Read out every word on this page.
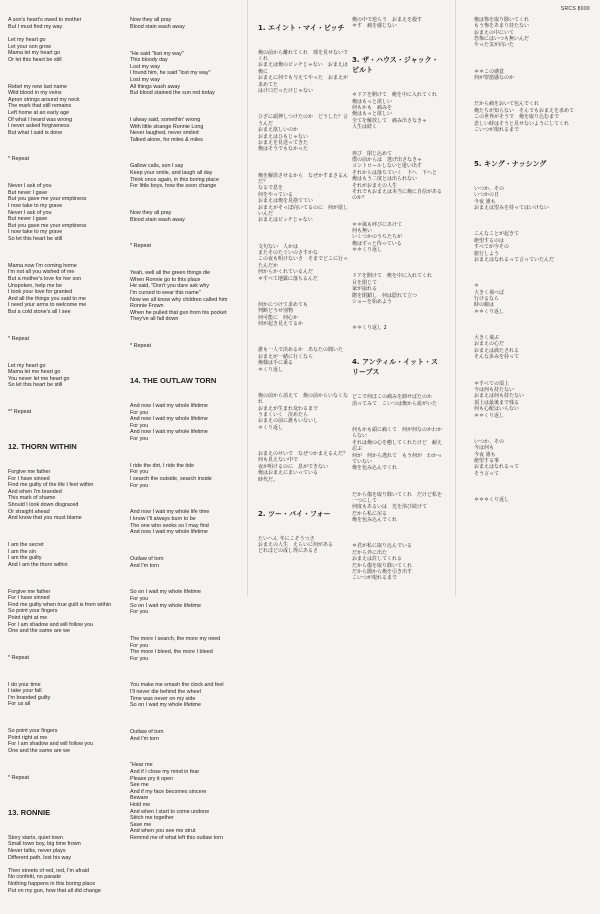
SRCS 8000

A son's heart's owed to mother
But I must find my way

Let my heart go
Let your son grow
Mama let my heart go
Or let this heart be still

Rebel my new last name
Wild blood in my veins
Apron strings around my neck
The mark that still remains
Left home at an early age
Of what I heard was wrong
I never asked forgiveness
But what I said is done

* Repeat

Never I ask of you
But never I gave
But you gave me your emptiness
I now take to my grave
Never I ask of you
But never I gave
But you gave me your emptiness
I now take to my grave
So let this heart be still

Mama now I'm coming home
I'm not all you wished of me
But a mother's love for her son
Unspoken, help me be
I took your love for granted
And all the things you said to me
I need your arms to welcome me
But a cold stone's all I see

* Repeat

Let my heart go
Mama let me heart go
You never let me heart go
So let this heart be still

** Repeat

12. THORN WITHIN

Forgive me father
For I have sinned
Find me guilty of the life I feel within
And when I'm branded
This mark of shame
Should I look down disgraced
Or straight ahead
And know that you must blame

I am the secret
I am the sin
I am the guilty
And I am the thorn within

Forgive me father
For I have sinned
Find me guilty when true guilt is from within
So point your fingers
Point right at me
For I am shadow and will follow you
One and the same are we

* Repeat

I do your time
I take your fall
I'm branded guilty
For us all

So point your fingers
Point right at me
For I am shadow and will follow you
One and the same are we

* Repeat

13. RONNIE

Story starts, quiet town
Small town boy, big time frown
Never talks, never plays
Different path, lost his way

Then streets of red, red, I'm afraid
No confetti, no parade
Nothing happens in this boring place
Put on my gun, how that all did change

Now they all pray
Blood stain wash away

"He said "lost my way"
This bloody day
Lost my way
I found him, he said "lost my way"
Lost my way
All things wash away
But blood stained the sun red today

I alway said, somethin' wrong
With little strange Ronnie Long
Never laughed, never smiled
Talked alone, for miles & miles

Gallow calls, son I say
Keep your smile, and laugh all day
Think once again, in this boring place
For little boys, how the soon change

Now they all pray
Blood stain wash away

* Repeat

Yeah, well all the green things die
When Ronnie go to this place
He said, "Don't you dare ask why
I'm cursed to wear this name"
Now we all know why children called him
Ronnie Frown
When he pulled that gun from his pocket
They've all fall down

* Repeat

14. THE OUTLAW TORN

And now I wait my whole lifetime
For you
And now I wait my whole lifetime
For you
And now I wait my whole lifetime
For you

I ride the dirt, I ride the tide
For you
I search the outside, search inside
For you

And now I wait my whole life time
I know I'll always burn to be
The one who seeks so I may find
And now I wait my whole lifetime

Outlaw of torn
And I'm torn

So on I wait my whole lifetime
For you
So on I wait my whole lifetime
For you

The more I search, the more my need
For you
The more I bleed, the more I bleed
For you

You make me smash the clock and feel
I'll never die behind the wheel
Time was never on my side
So on I wait my whole lifetime

Outlaw of torn
And I'm torn

"Hear me
And if I close my mind in fear
Please pry it open
See me
And if my face becomes sincere
Beware
Hold me
And when I start to come undone
Stitch me together
Save me
And when you see me strut
Remind me of what left this outlaw torn

1. エイント・マイ・ビッチ

俺の前から離れてくれ　邪を見せないでくれ
おまえは俺のビッチじゃない　おまえは俺に
おまえに何でも与えてやった　おまえが求めてた
はけ口だったけじゃない

ひざに頭押しつけたのか　どうした？言うんだ
おまえ欲しいのか
おまえはひもじゃない
おまえを見送ってきた
俺はそうでもなかった

俺を解放させるから　なぜかすまさるんだ？
なるで息を
何をやっている
おまえは俺を見捨ててい
おまえがそっぽ向いてるのに　何が欲しいんだ
おまえはビッチじゃない

文句ない　人かは
またそのたぐいのさすかな
この夜も明けないさ　そまでどこに行ったんだか
何からかくれているんだ
＊すべて地獄に落ちるんだ

何かにつけて求めても
判断どうせ別物
何可能に　何心か
何が起き見えてるか

誰も一人で決めるか　あなたの聞いた
おまえが一緒に行くなら
俺様は手に乗る
＊くり返し

俺の前から消えて　俺の前からいなくなれ
おまえが生まれ変わるまで
うまくいく　決めたら
おまえの前に誰もいないし
＊くり返し

おまえのせいで　なぜつかまえるんだ？
何も見えない中で
夜が明けるのに　息ができない
俺はおまえにまいっている
時代だ。

2. ツー・バイ・フォー

たいへん 冬にこそうつさ
おまえの人生　えらいに何がある
どれほどの成し得にあるさ

俺の中で逆らう　おまえを殺す
＊す　痛を感じない

3. ザ・ハウス・ジャック・ビルト

＊ドアを開けて　俺を中に入れてくれ
俺はもっと欲しい
何もかも　痛みを
俺はもっと欲しい
全てを解放して　痛み出さなきゃ
人生は続く

再び　閉じ込めて
僕の前からは　逃げ出さなきゃ
コントロールしないと迷い出す
それからは落ちていく　下へ　下へと
俺はもう二度とは出られない
それがおまえの人生
それでもおまえは本当に俺に自信があるのか？

＊＊風も呼びにあけて
何も無い
いくつかのうちたちが
俺はずっと待っている
＊＊くり返し

ドアを開けて　俺を中に入れてくれ
目を閉じて
家が崩れる
階を閉鎖し　何は隠れて立つ
ショーを始めよう

＊＊くり返し 2

4. アンティル・イット・スリープス

どこで何ほこの痛みを卸せばたのか
消ってみて　こいつは俺から血がいた

何もかも頭に痛くて　何が何なのかわからない
それは俺の心を癒してくれたけど　耐え忍ぶ
何が　何から逃れて　もう何が　わかっていない
俺を包み込んでくれ

だから傷を取り除いてくれ　だけど私を一つにして
何度もあるいは　光を浴び続けて
だから私に戻る
俺を包み込んでくれ

＊君が私に取り込んでいる
だから外に出た
おまえは許してくれる
だから傷を取り除いてくれ
だから闇から俺を引き出す
こいつが現れるまで

俺は怖を取り除いてくれ
もう怖をあまり持たない
おまえの中にいて
恐怖にはいつも無いんだ
やった気が向いた

＊＊この感覚
何が罪悪感なのか

だから痛をおいて包んでくれ
俺たちが知らない　そんでもおまえを求めて
この世界がそうで　俺を取り込むまで
悲しい時はそうと見せないようにしてくれ
こいつが現れるまで

5. キング・ナッシング

いつか、その
いつかの日
今夜 誰も
おまえは望みを持ってはいけない

こんなことが起きて
絶望するのは
すべてが今その
旅行しよう
おまえはなれるって言っていたんだ

＊
大きく飛べば
行けるなら
時の鏡は
＊＊くり返し

大きく飛ぶ
おまえの心だ
おまえは満たされる
そんな歩みを持って

＊すべての頂上
今は何も持たない
おまえは何も持たない
頂上は最後まで残る
何も心配はいらない
＊＊くり返し

いつか、その
今は何も
今夜 誰も
絶望する事
おまえはなれるって
そう言って

＊＊＊くり返し
